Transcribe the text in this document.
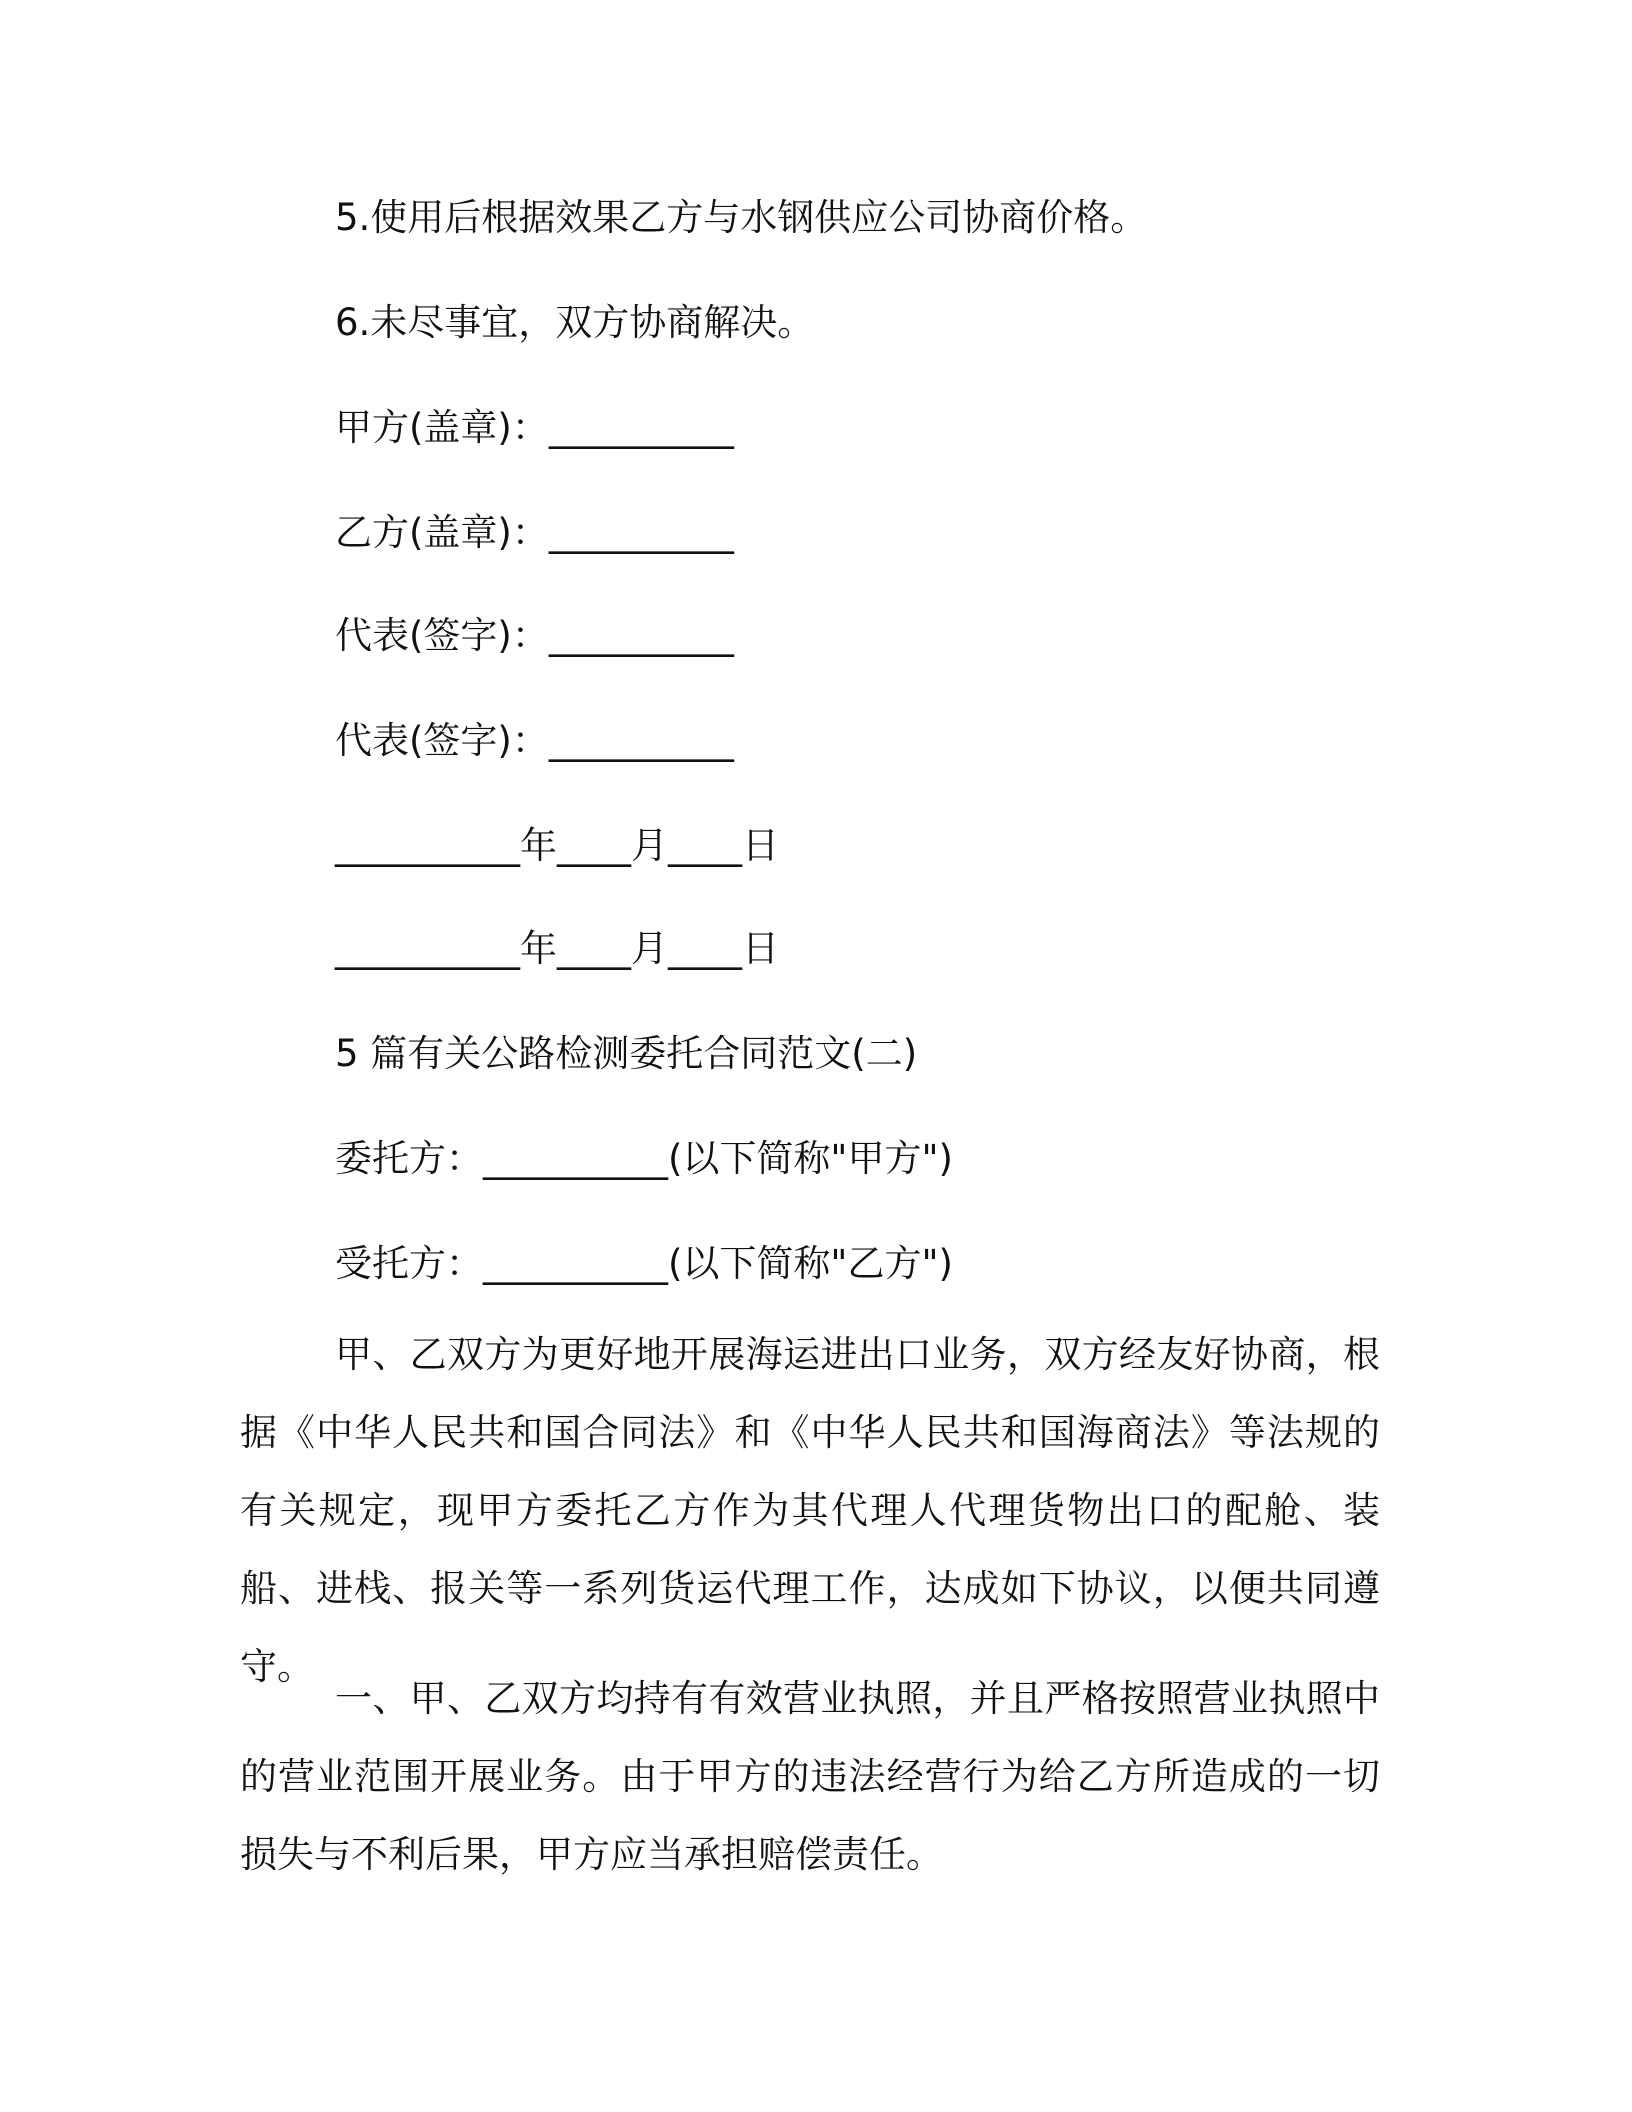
5.使用后根据效果乙方与水钢供应公司协商价格。
6.未尽事宜，双方协商解决。
甲方(盖章)：__________
乙方(盖章)：__________
代表(签字)：__________
代表(签字)：__________
__________年____月____日
__________年____月____日
5 篇有关公路检测委托合同范文(二)
委托方：__________(以下简称"甲方")
受托方：__________(以下简称"乙方")

甲、乙双方为更好地开展海运进出口业务，双方经友好协商，根据《中华人民共和国合同法》和《中华人民共和国海商法》等法规的有关规定，现甲方委托乙方作为其代理人代理货物出口的配舱、装船、进栈、报关等一系列货运代理工作，达成如下协议，以便共同遵守。

一、甲、乙双方均持有有效营业执照，并且严格按照营业执照中的营业范围开展业务。由于甲方的违法经营行为给乙方所造成的一切损失与不利后果，甲方应当承担赔偿责任。
